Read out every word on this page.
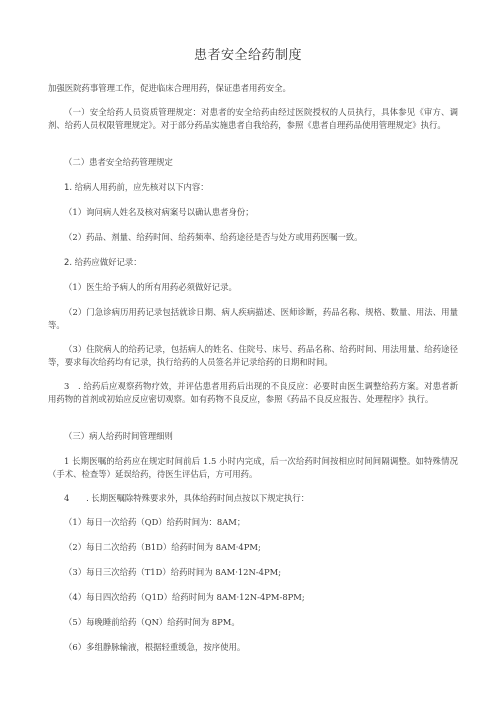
患者安全给药制度
加强医院药事管理工作，促进临床合理用药，保证患者用药安全。
（一）安全给药人员资质管理规定：对患者的安全给药由经过医院授权的人员执行，具体参见《审方、调剂、给药人员权限管理规定》。对于部分药品实施患者自我给药，参照《患者自理药品使用管理规定》执行。
（二）患者安全给药管理规定
1. 给病人用药前，应先核对以下内容：
（1）询问病人姓名及核对病案号以确认患者身份；
（2）药品、剂量、给药时间、给药频率、给药途径是否与处方或用药医嘱一致。
2. 给药应做好记录：
（1）医生给予病人的所有用药必须做好记录。
（2）门急诊病历用药记录包括就诊日期、病人疾病描述、医师诊断，药品名称、规格、数量、用法、用量等。
（3）住院病人的给药记录，包括病人的姓名、住院号、床号、药品名称、给药时间、用法用量、给药途径等，要求每次给药均有记录，执行给药的人员签名并记录给药的日期和时间。
3　. 给药后应观察药物疗效，并评估患者用药后出现的不良反应：必要时由医生调整给药方案。对患者新用药物的首剂或初始应反应密切观察。如有药物不良反应，参照《药品不良反应报告、处理程序》执行。
（三）病人给药时间管理细则
1 长期医嘱的给药应在规定时间前后 1.5 小时内完成，后一次给药时间按相应时间间隔调整。如特殊情况（手术、检查等）延误给药，待医生评估后，方可用药。
4　　. 长期医嘱除特殊要求外，具体给药时间点按以下规定执行：
（1）每日一次给药（QD）给药时间为：8AM；
（2）每日二次给药（B1D）给药时间为 8AM·4PM;
（3）每日三次给药（T1D）给药时间为 8AM·12N-4PM;
（4）每日四次给药（Q1D）给药时间为 8AM·12N-4PM-8PM;
（5）每晚睡前给药（QN）给药时间为 8PM。
（6）多组静脉输液，根据轻重缓急，按序使用。
